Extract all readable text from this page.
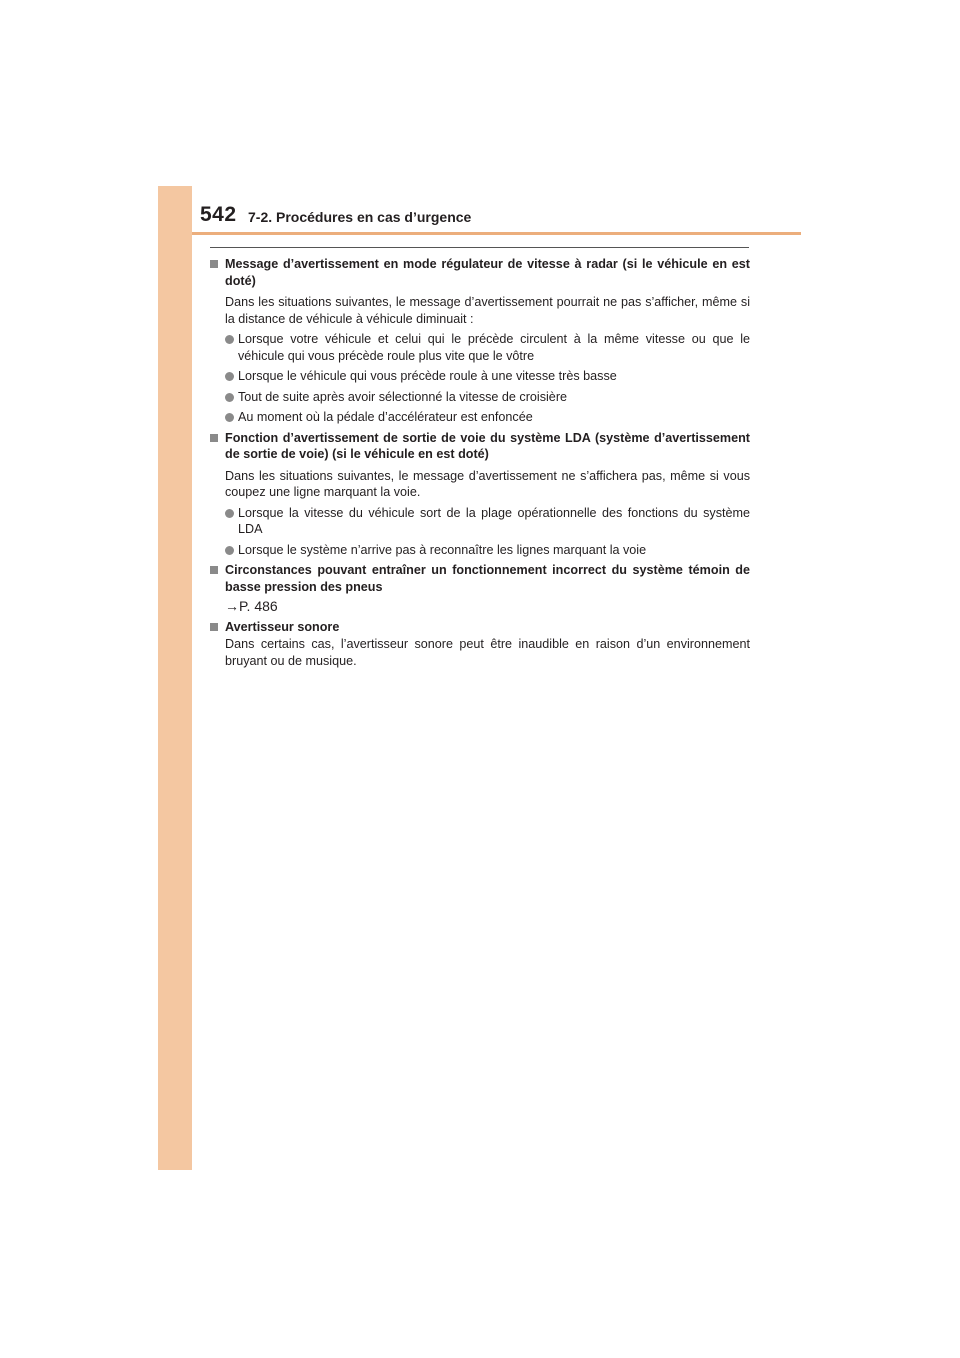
542 7-2. Procédures en cas d’urgence

Message d’avertissement en mode régulateur de vitesse à radar (si le véhicule en est doté)

Dans les situations suivantes, le message d’avertissement pourrait ne pas s’afficher, même si la distance de véhicule à véhicule diminuait :
Lorsque votre véhicule et celui qui le précède circulent à la même vitesse ou que le véhicule qui vous précède roule plus vite que le vôtre
Lorsque le véhicule qui vous précède roule à une vitesse très basse
Tout de suite après avoir sélectionné la vitesse de croisière
Au moment où la pédale d’accélérateur est enfoncée

Fonction d’avertissement de sortie de voie du système LDA (système d’avertissement de sortie de voie) (si le véhicule en est doté)

Dans les situations suivantes, le message d’avertissement ne s’affichera pas, même si vous coupez une ligne marquant la voie.
Lorsque la vitesse du véhicule sort de la plage opérationnelle des fonctions du système LDA
Lorsque le système n’arrive pas à reconnaître les lignes marquant la voie

Circonstances pouvant entraîner un fonctionnement incorrect du système témoin de basse pression des pneus

→P. 486

Avertisseur sonore

Dans certains cas, l’avertisseur sonore peut être inaudible en raison d’un environnement bruyant ou de musique.
